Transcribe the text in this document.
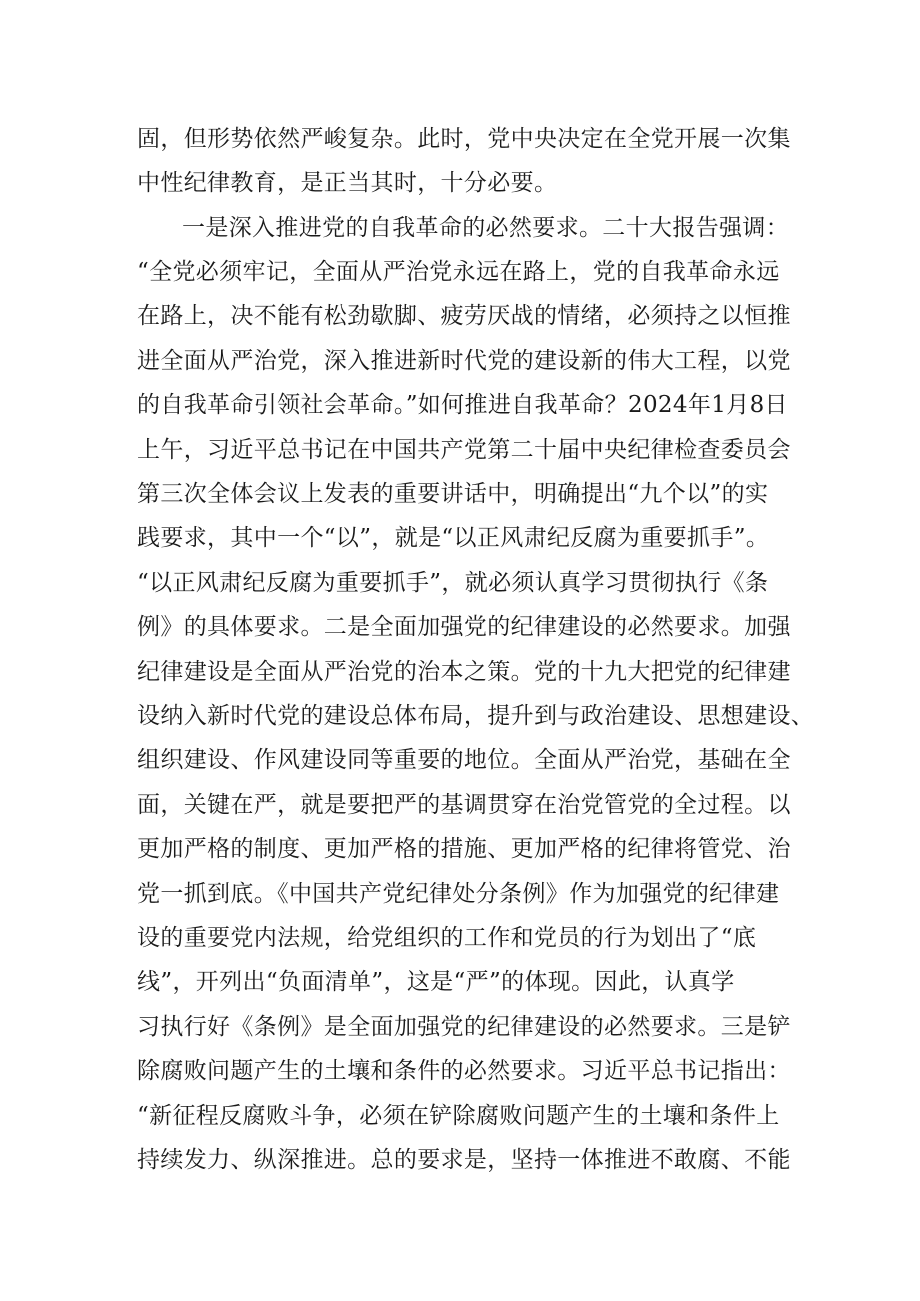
固，但形势依然严峻复杂。此时，党中央决定在全党开展一次集
中性纪律教育，是正当其时，十分必要。
一是深入推进党的自我革命的必然要求。二十大报告强调：
“全党必须牢记，全面从严治党永远在路上，党的自我革命永远
在路上，决不能有松劲歇脚、疲劳厌战的情绪，必须持之以恒推
进全面从严治党，深入推进新时代党的建设新的伟大工程，以党
的自我革命引领社会革命。”如何推进自我革命？2024年1月8日
上午，习近平总书记在中国共产党第二十届中央纪律检查委员会
第三次全体会议上发表的重要讲话中，明确提出“九个以”的实
践要求，其中一个“以”，就是“以正风肃纪反腐为重要抓手”。
“以正风肃纪反腐为重要抓手”，就必须认真学习贯彻执行《条
例》的具体要求。二是全面加强党的纪律建设的必然要求。加强
纪律建设是全面从严治党的治本之策。党的十九大把党的纪律建
设纳入新时代党的建设总体布局，提升到与政治建设、思想建设、
组织建设、作风建设同等重要的地位。全面从严治党，基础在全
面，关键在严，就是要把严的基调贯穿在治党管党的全过程。以
更加严格的制度、更加严格的措施、更加严格的纪律将管党、治
党一抓到底。《中国共产党纪律处分条例》作为加强党的纪律建
设的重要党内法规，给党组织的工作和党员的行为划出了“底
线”，开列出“负面清单”，这是“严”的体现。因此，认真学
习执行好《条例》是全面加强党的纪律建设的必然要求。三是铲
除腐败问题产生的土壤和条件的必然要求。习近平总书记指出：
“新征程反腐败斗争，必须在铲除腐败问题产生的土壤和条件上
持续发力、纵深推进。总的要求是，坚持一体推进不敢腐、不能
